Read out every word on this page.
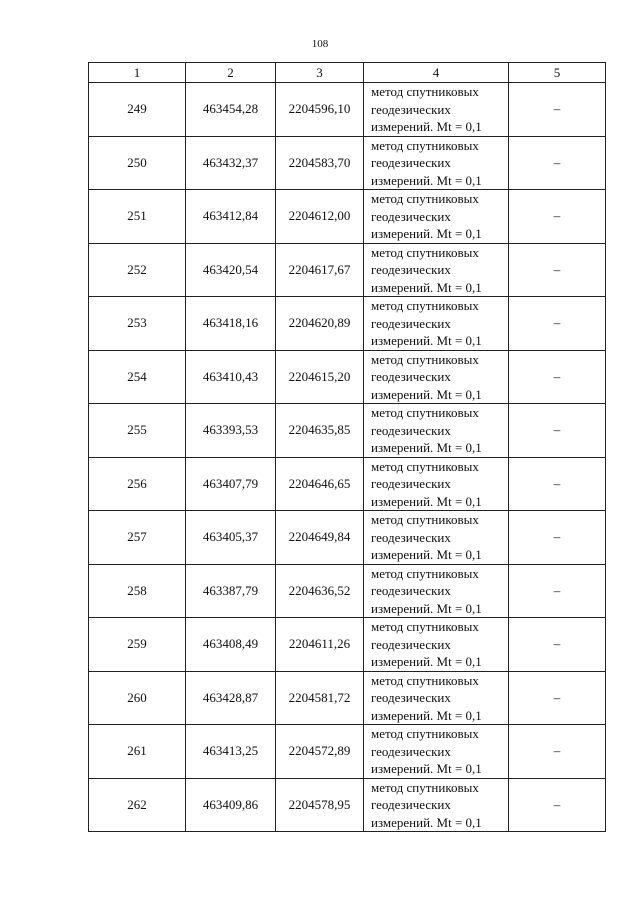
108
1	2	3	4	5
249	463454,28	2204596,10	метод спутниковых
геодезических
измерений. Mt = 0,1	–
250	463432,37	2204583,70	метод спутниковых
геодезических
измерений. Mt = 0,1	–
251	463412,84	2204612,00	метод спутниковых
геодезических
измерений. Mt = 0,1	–
252	463420,54	2204617,67	метод спутниковых
геодезических
измерений. Mt = 0,1	–
253	463418,16	2204620,89	метод спутниковых
геодезических
измерений. Mt = 0,1	–
254	463410,43	2204615,20	метод спутниковых
геодезических
измерений. Mt = 0,1	–
255	463393,53	2204635,85	метод спутниковых
геодезических
измерений. Mt = 0,1	–
256	463407,79	2204646,65	метод спутниковых
геодезических
измерений. Mt = 0,1	–
257	463405,37	2204649,84	метод спутниковых
геодезических
измерений. Mt = 0,1	–
258	463387,79	2204636,52	метод спутниковых
геодезических
измерений. Mt = 0,1	–
259	463408,49	2204611,26	метод спутниковых
геодезических
измерений. Mt = 0,1	–
260	463428,87	2204581,72	метод спутниковых
геодезических
измерений. Mt = 0,1	–
261	463413,25	2204572,89	метод спутниковых
геодезических
измерений. Mt = 0,1	–
262	463409,86	2204578,95	метод спутниковых
геодезических
измерений. Mt = 0,1	–
